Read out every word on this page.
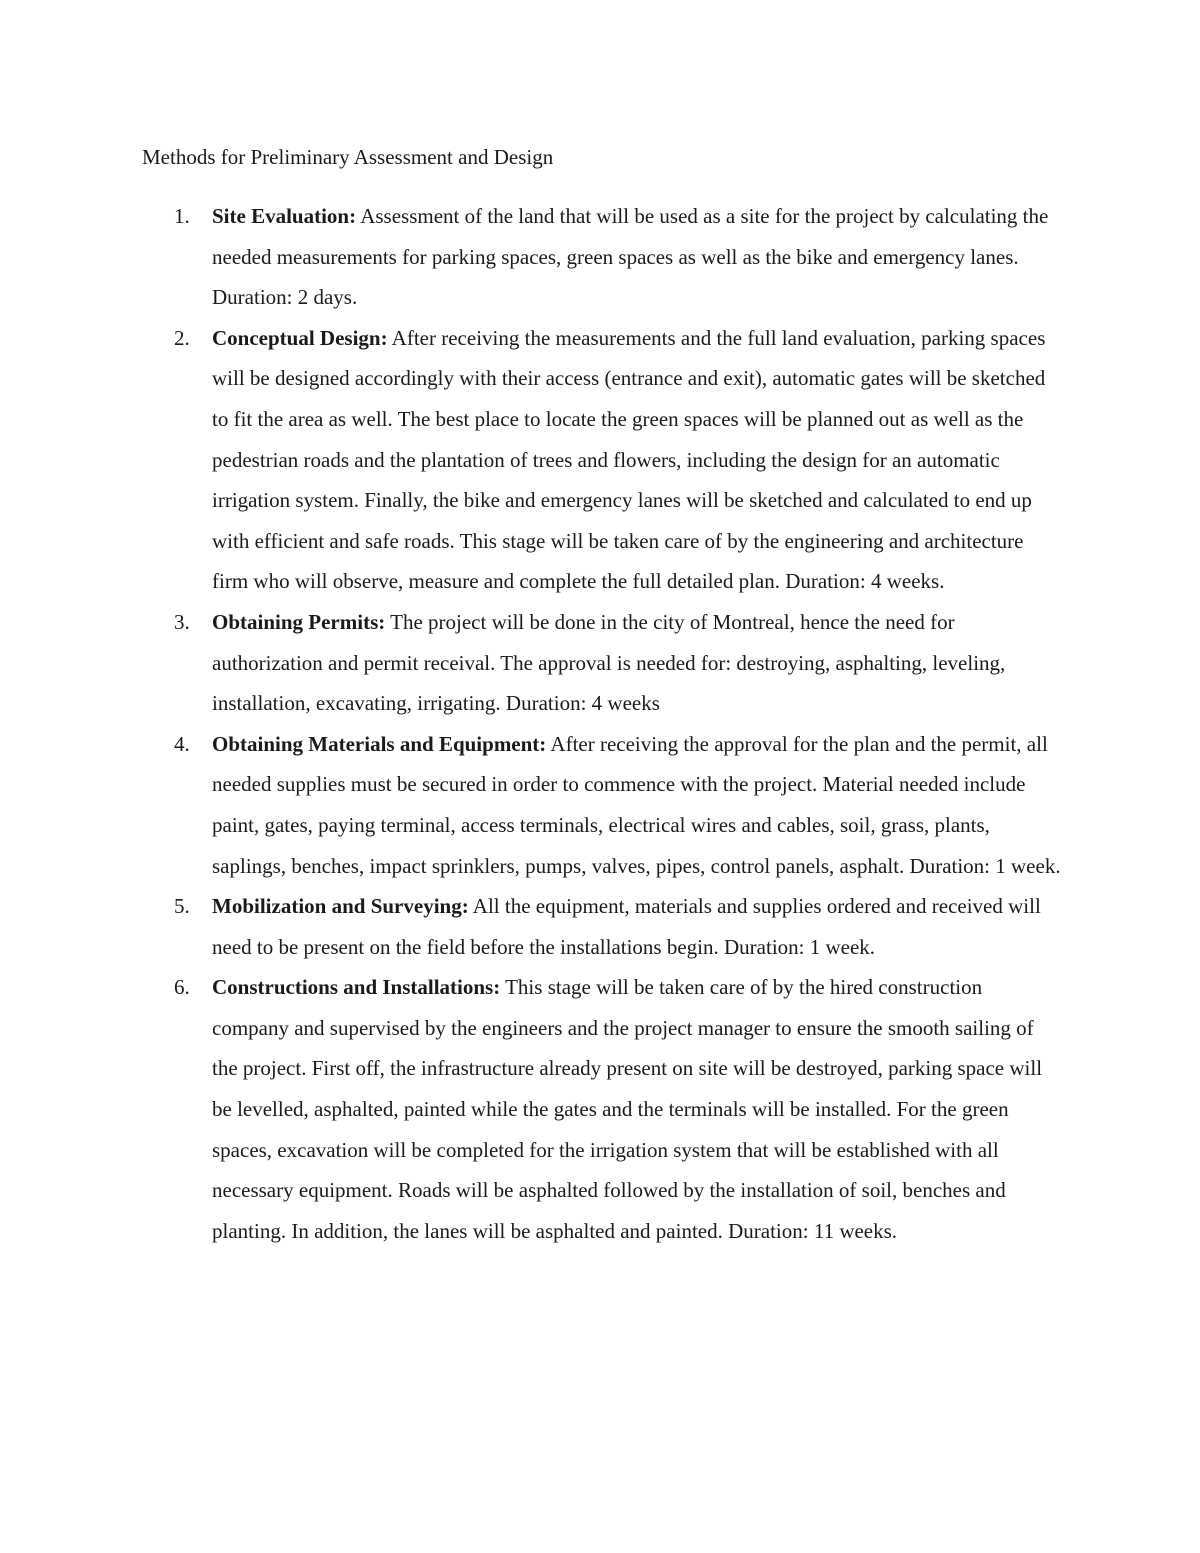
Methods for Preliminary Assessment and Design

1. Site Evaluation: Assessment of the land that will be used as a site for the project by calculating the needed measurements for parking spaces, green spaces as well as the bike and emergency lanes. Duration: 2 days.
2. Conceptual Design: After receiving the measurements and the full land evaluation, parking spaces will be designed accordingly with their access (entrance and exit), automatic gates will be sketched to fit the area as well. The best place to locate the green spaces will be planned out as well as the pedestrian roads and the plantation of trees and flowers, including the design for an automatic irrigation system. Finally, the bike and emergency lanes will be sketched and calculated to end up with efficient and safe roads. This stage will be taken care of by the engineering and architecture firm who will observe, measure and complete the full detailed plan. Duration: 4 weeks.
3. Obtaining Permits: The project will be done in the city of Montreal, hence the need for authorization and permit receival. The approval is needed for: destroying, asphalting, leveling, installation, excavating, irrigating. Duration: 4 weeks
4. Obtaining Materials and Equipment: After receiving the approval for the plan and the permit, all needed supplies must be secured in order to commence with the project. Material needed include paint, gates, paying terminal, access terminals, electrical wires and cables, soil, grass, plants, saplings, benches, impact sprinklers, pumps, valves, pipes, control panels, asphalt. Duration: 1 week.
5. Mobilization and Surveying: All the equipment, materials and supplies ordered and received will need to be present on the field before the installations begin. Duration: 1 week.
6. Constructions and Installations: This stage will be taken care of by the hired construction company and supervised by the engineers and the project manager to ensure the smooth sailing of the project. First off, the infrastructure already present on site will be destroyed, parking space will be levelled, asphalted, painted while the gates and the terminals will be installed. For the green spaces, excavation will be completed for the irrigation system that will be established with all necessary equipment. Roads will be asphalted followed by the installation of soil, benches and planting. In addition, the lanes will be asphalted and painted. Duration: 11 weeks.
